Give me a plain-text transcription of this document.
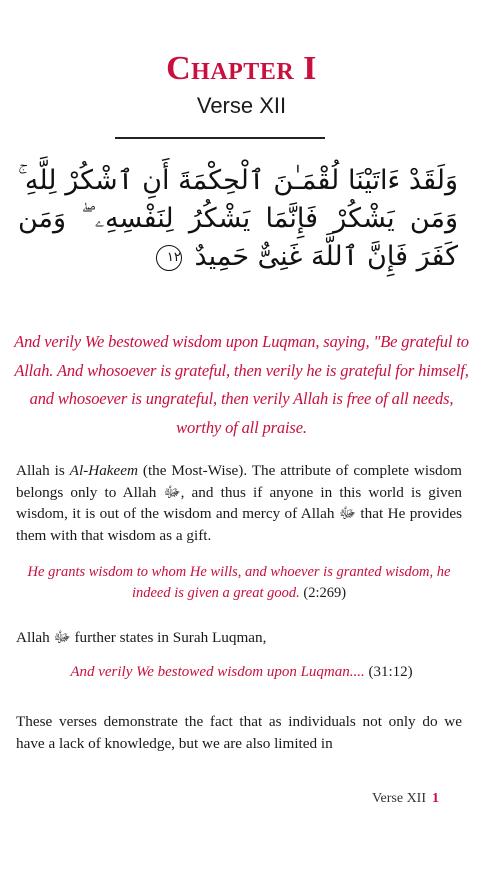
Chapter I
Verse XII
وَلَقَدْ ءَاتَيْنَا لُقْمَـٰنَ ٱلْحِكْمَةَ أَنِ ٱشْكُرْ لِلَّهِ ۚ وَمَن يَشْكُرْ فَإِنَّمَا يَشْكُرُ لِنَفْسِهِۦ ۖ وَمَن كَفَرَ فَإِنَّ ٱللَّهَ غَنِىٌّ حَمِيدٌ ١٢
And verily We bestowed wisdom upon Luqman, saying, "Be grateful to Allah. And whosoever is grateful, then verily he is grateful for himself, and whosoever is ungrateful, then verily Allah is free of all needs, worthy of all praise.
Allah is Al-Hakeem (the Most-Wise). The attribute of complete wisdom belongs only to Allah ﷻ, and thus if anyone in this world is given wisdom, it is out of the wisdom and mercy of Allah ﷻ that He provides them with that wisdom as a gift.
He grants wisdom to whom He wills, and whoever is granted wisdom, he indeed is given a great good. (2:269)
Allah ﷻ further states in Surah Luqman,
And verily We bestowed wisdom upon Luqman.... (31:12)
These verses demonstrate the fact that as individuals not only do we have a lack of knowledge, but we are also limited in
Verse XII 1
